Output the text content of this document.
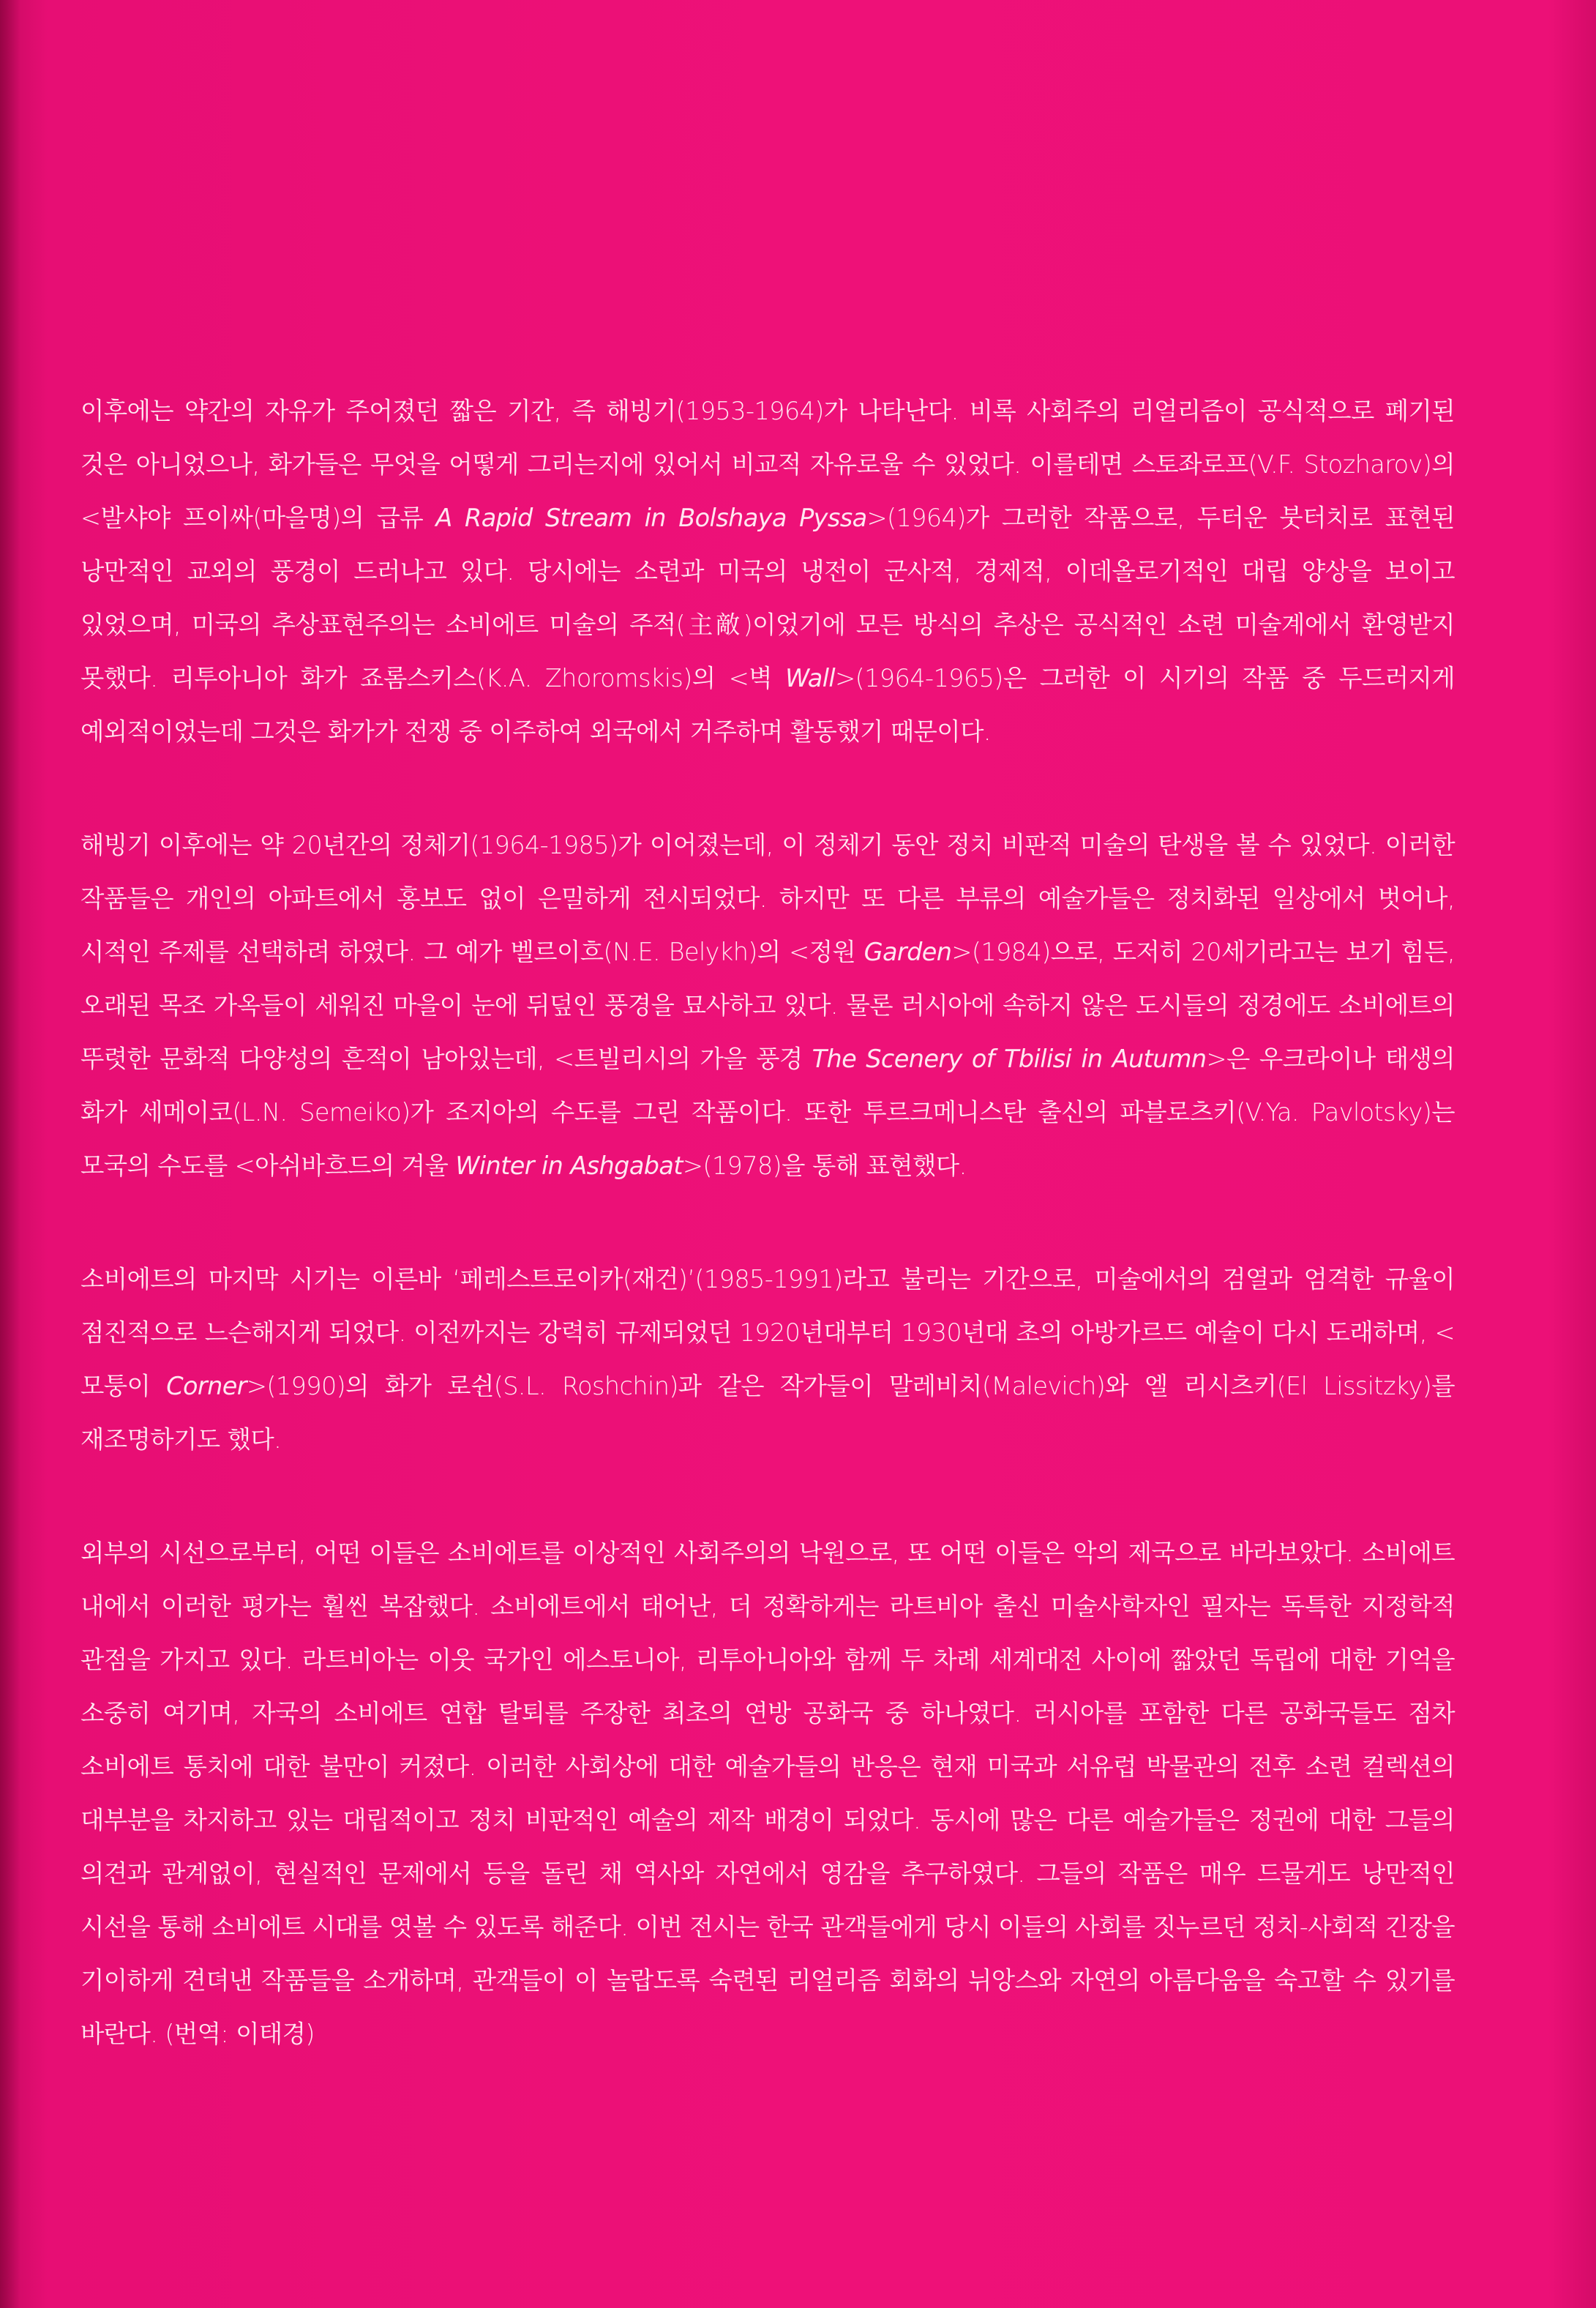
이후에는 약간의 자유가 주어졌던 짧은 기간, 즉 해빙기(1953-1964)가 나타난다. 비록 사회주의 리얼리즘이 공식적으로 폐기된 것은 아니었으나, 화가들은 무엇을 어떻게 그리는지에 있어서 비교적 자유로울 수 있었다. 이를테면 스토좌로프(V.F. Stozharov)의 <발샤야 프이싸(마을명)의 급류 A Rapid Stream in Bolshaya Pyssa>(1964)가 그러한 작품으로, 두터운 붓터치로 표현된 낭만적인 교외의 풍경이 드러나고 있다. 당시에는 소련과 미국의 냉전이 군사적, 경제적, 이데올로기적인 대립 양상을 보이고 있었으며, 미국의 추상표현주의는 소비에트 미술의 주적(主敵)이었기에 모든 방식의 추상은 공식적인 소련 미술계에서 환영받지 못했다. 리투아니아 화가 죠롬스키스(K.A. Zhoromskis)의 <벽 Wall>(1964-1965)은 그러한 이 시기의 작품 중 두드러지게 예외적이었는데 그것은 화가가 전쟁 중 이주하여 외국에서 거주하며 활동했기 때문이다.

해빙기 이후에는 약 20년간의 정체기(1964-1985)가 이어졌는데, 이 정체기 동안 정치 비판적 미술의 탄생을 볼 수 있었다. 이러한 작품들은 개인의 아파트에서 홍보도 없이 은밀하게 전시되었다. 하지만 또 다른 부류의 예술가들은 정치화된 일상에서 벗어나, 시적인 주제를 선택하려 하였다. 그 예가 벨르이흐(N.E. Belykh)의 <정원 Garden>(1984)으로, 도저히 20세기라고는 보기 힘든, 오래된 목조 가옥들이 세워진 마을이 눈에 뒤덮인 풍경을 묘사하고 있다. 물론 러시아에 속하지 않은 도시들의 정경에도 소비에트의 뚜렷한 문화적 다양성의 흔적이 남아있는데, <트빌리시의 가을 풍경 The Scenery of Tbilisi in Autumn>은 우크라이나 태생의 화가 세메이코(L.N. Semeiko)가 조지아의 수도를 그린 작품이다. 또한 투르크메니스탄 출신의 파블로츠키(V.Ya. Pavlotsky)는 모국의 수도를 <아쉬바흐드의 겨울 Winter in Ashgabat>(1978)을 통해 표현했다.

소비에트의 마지막 시기는 이른바 ‘페레스트로이카(재건)’(1985-1991)라고 불리는 기간으로, 미술에서의 검열과 엄격한 규율이 점진적으로 느슨해지게 되었다. 이전까지는 강력히 규제되었던 1920년대부터 1930년대 초의 아방가르드 예술이 다시 도래하며, <모퉁이 Corner>(1990)의 화가 로쉰(S.L. Roshchin)과 같은 작가들이 말레비치(Malevich)와 엘 리시츠키(El Lissitzky)를 재조명하기도 했다.

외부의 시선으로부터, 어떤 이들은 소비에트를 이상적인 사회주의의 낙원으로, 또 어떤 이들은 악의 제국으로 바라보았다. 소비에트 내에서 이러한 평가는 훨씬 복잡했다. 소비에트에서 태어난, 더 정확하게는 라트비아 출신 미술사학자인 필자는 독특한 지정학적 관점을 가지고 있다. 라트비아는 이웃 국가인 에스토니아, 리투아니아와 함께 두 차례 세계대전 사이에 짧았던 독립에 대한 기억을 소중히 여기며, 자국의 소비에트 연합 탈퇴를 주장한 최초의 연방 공화국 중 하나였다. 러시아를 포함한 다른 공화국들도 점차 소비에트 통치에 대한 불만이 커졌다. 이러한 사회상에 대한 예술가들의 반응은 현재 미국과 서유럽 박물관의 전후 소련 컬렉션의 대부분을 차지하고 있는 대립적이고 정치 비판적인 예술의 제작 배경이 되었다. 동시에 많은 다른 예술가들은 정권에 대한 그들의 의견과 관계없이, 현실적인 문제에서 등을 돌린 채 역사와 자연에서 영감을 추구하였다. 그들의 작품은 매우 드물게도 낭만적인 시선을 통해 소비에트 시대를 엿볼 수 있도록 해준다. 이번 전시는 한국 관객들에게 당시 이들의 사회를 짓누르던 정치-사회적 긴장을 기이하게 견뎌낸 작품들을 소개하며, 관객들이 이 놀랍도록 숙련된 리얼리즘 회화의 뉘앙스와 자연의 아름다움을 숙고할 수 있기를 바란다. (번역: 이태경)
